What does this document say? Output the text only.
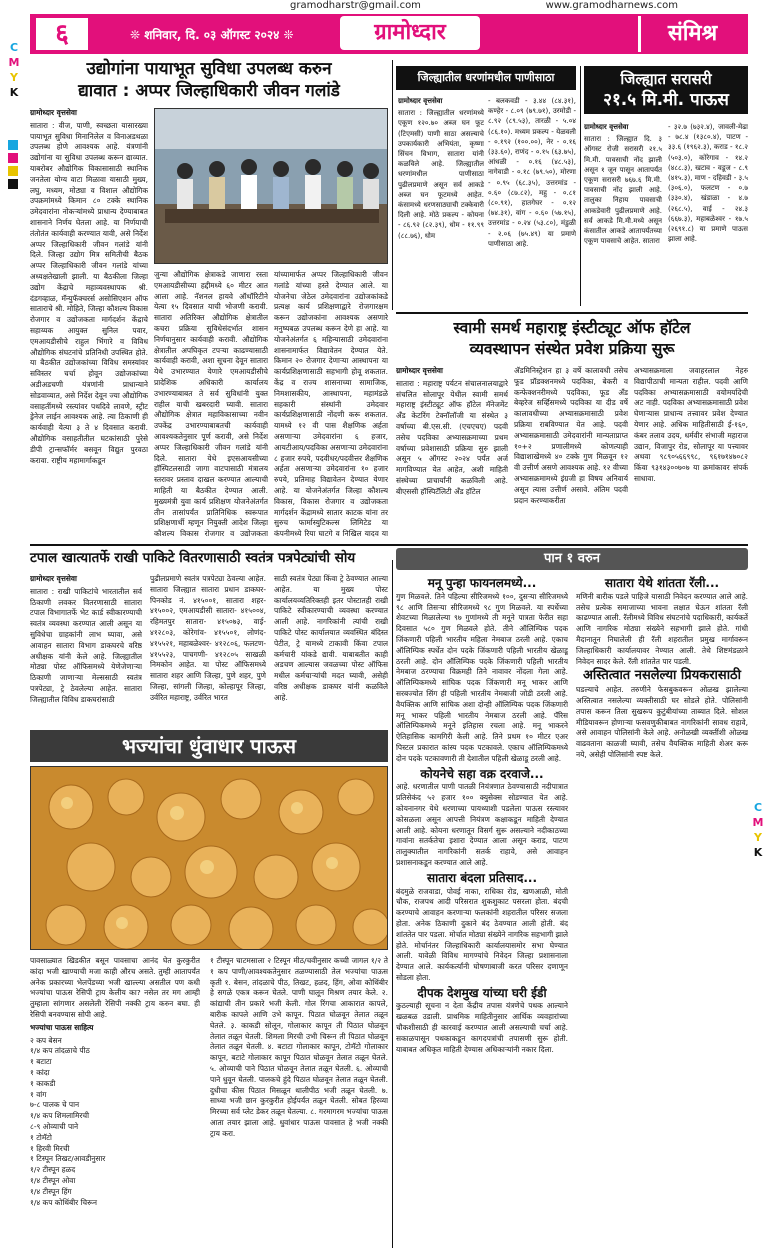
C
M
Y
K
C
M
Y
K
gramodharstr@gmail.com	www.gramodharnews.com
६	❊ शनिवार, दि. ०३ ऑगस्ट २०२४ ❊	ग्रामोध्दार	संमिश्र
उद्योगांना पायाभूत सुविधा उपलब्ध करुन
द्यावात : अप्पर जिल्हाधिकारी जीवन गलांडे

ग्रामोध्दार वृत्तसेवा

सातारा : वीज, पाणी, स्वच्छता यासारख्या पायाभूत सुविधा मिनानिलेल व विनाअडथळा उपलब्ध होणे आवश्यक आहे. यंत्रणांनी उद्योगांना या सुविधा उपलब्ध करून द्याव्यात. याबरोबर औद्योगिक विकासासाठी स्थानिक जनतेला योग्य वाटा मिळावा यासाठी मुख्य, लघु, मध्यम, मोठ्या व विशाल औद्योगिक उपक्रमांमध्ये किमान ८० टक्के स्थानिक उमेदवारांना नोकऱ्यांमध्ये प्राधान्य देण्याबाबत शासनाने निर्णय घेतला आहे. या निर्णयाची तंतोतंत कार्यवाही करण्यात यावी, असे निर्देश अप्पर जिल्हाधिकारी जीवन गलांडे यांनी दिले. जिल्हा उद्योग मित्र समितीची बैठक अप्पर जिल्हाधिकारी जीवन गलांडे यांच्या अध्यक्षतेखाली झाली. या बैठकीला जिल्हा उद्योग केंद्राचे महाव्यवस्थापक श्री. दंडगव्हाळ, मॅन्युफॅक्चरर्स असोसिएशन ऑफ साताराचे श्री. मोहिते, जिल्हा कौशल्य विकास रोजगार व उद्योजकता मार्गदर्शन केंद्राचे सहाय्यक आयुक्त सुनिल पवार, एमआयडीसीचे राहुल भिंगारे व विविध औद्योगिक संघटनांचे प्रतिनिधी उपस्थित होते. या बैठकीत उद्योजकांच्या विविध समस्यांवर सविस्तर चर्चा होवून उद्योजकांच्या अडीअडचणी यंत्रणांनी प्राधान्याने सोडवाव्यात, असे निर्देश देवून ज्या औद्योगिक वसाहतींमध्ये रस्त्यांवर पथदिवे लावणे, स्ट्रीट ड्रेनेज लाईन आवश्यक आहे. त्या ठिकाणी ही कार्यवाही येत्या ३ ते ४ दिवसात करावी. औद्योगिक वसाहतीतील घटकांसाठी पुरेसे डीपी ट्रान्सफॉर्मर बसवून विद्युत पुरवठा करावा. राष्ट्रीय महामार्गाकडून

जुन्या औद्योगिक क्षेत्राकडे जाणारा रस्ता एमआयडीसीच्या हद्दीमध्ये ६० मीटर आत आला आहे. नॅशनल हायवे ऑथॉरिटीने येत्या १५ दिवसात याची भोजणी करावी. सातारा अतिरिक्त औद्योगिक क्षेत्रातील कचरा प्रक्रिया सुविधेसंदर्भात शासन निर्णयानुसार कार्यवाही करावी. औद्योगिक क्षेत्रातील अपघिकृत टपऱ्या काढण्यासाठी कार्यवाही करावी, अशा सूचना देवून सातारा येथे उभारण्यात येणारे एमआयडीसीचे प्रादेशिक अधिकारी कार्यालय उभारण्याबाबत ते सर्व सुविधांनी युक्त राहील याची खबरदारी घ्यावी. सातारा औद्योगिक क्षेत्रात महाविकासाच्या नवीन उपकेंद्र उभारण्याबाबतची कार्यवाही आवश्यकतेनुसार पूर्ण करावी, असे निर्देश अप्पर जिल्हाधिकारी जीवन गलांडे यांनी दिले. सातारा येथे इएसआयसीच्या हॉस्पिटलसाठी जागा वाटपासाठी मंत्रालय स्तरावर प्रस्ताव दाखल करण्यात आल्याची माहिती या बैठकीत देण्यात आली. मुख्यमंत्री युवा कार्य प्रशिक्षण योजनेअंतर्गत तीन तासांपर्यंत प्रातिनिधिक स्वरूपात प्रशिक्षणार्थी म्हणून नियुक्ती आदेश जिल्हा कौशल्य विकास रोजगार व उद्योजकता

यांच्यामार्फत अप्पर जिल्हाधिकारी जीवन गलांडे यांच्या हस्ते देण्यात आले. या योजनेचा जेठेल उमेदवारांना उद्योजकांकडे प्रत्यक्ष कार्य प्रशिक्षणाद्वारे रोजगारक्षम करून उद्योजकांना आवश्यक असणारे मनुष्यबळ उपलब्ध करून देणे हा आहे. या योजनेअंतर्गत ६ महिन्यासाठी उमेदवारांना शासनामार्फत विद्यावेतन देण्यात येते. किमान २० रोजगार देणाऱ्या आस्थापना या कार्यप्रशिक्षणासाठी सहभागी होवू शकतात. केंद्र व राज्य शासनाच्या सामाजिक, निमशासकीय, आस्थापना, महामंडळे सहकारी संस्थांनी उमेदवार कार्यप्रशिक्षणासाठी नोंदणी करू शकतात. यामध्ये १२ वी पास शैक्षणिक अर्हता असणाऱ्या उमेदवारांना ६ हजार, आयटीआय/पदविका असणाऱ्या उमेदवारांना ८ हजार रुपये, पदवीधर/पदवीत्तर शैक्षणिक अर्हता असणाऱ्या उमेदवारांना १० हजार रुपये, प्रतिमाह विद्यावेतन देण्यात येणार आहे. या योजनेअंतर्गत जिल्हा कौशल्य विकास, विकास रोजगार व उद्योजकता मार्गदर्शन केंद्रामध्ये सातार काटक यांना तर सुरुच फार्मास्युटिकल्स लिमिटेड या कंपनीमध्ये रिया घाटगे व निखिल यादव या

जिल्ह्यातील धरणांमधील पाणीसाठा

ग्रामोध्दार वृत्तसेवा

सातारा : जिल्ह्यातील धरणांमध्ये एकूण १२०.७० अब्ज घन फूट (टिएमसी) पाणी साठा असल्याचे उपकार्यकारी अभियंता, कृष्णा सिंचन विभाग, सातारा यांनी कळविले आहे. जिल्ह्यातील धरणांमधील पाणीसाठा पुढीलप्रमाणे असून सर्व आकडे अब्ज घन फूटमध्ये आहेत. कंसामध्ये धरणसाठ्याची टक्केवारी दिली आहे. मोठे प्रकल्प - कोयना - ८६.९२ (८२.३९), धोम - ११.९९ (८८.७६), धोम

- बलकवडी - ३.४४ (८४.३१), कण्हेर - ८.०९ (७९.७१), उरमोडी - ८.९२ (८९.५३), तारळी - ५.०४ (८६.१०). मध्यम प्रकल्प - येळवली - ०.१९२ (१००.००), नेर - ०.१६ (३३.६०), राणंद - ०.१५ (६३.७५), आंधळी - ०.१६ (४८.५३), नागेवाडी - ०.१८ (७९.५०), मोरणा - ०.९५ (६८.३५), उत्तरमांड - ०.६० (८७.८२), महु - ०.८१ (८०.९१), हातगेघर - ०.१२ (७४.३१), वांग - ०.६० (५७.१५), उत्तरमांड - ०.२४ (५३.८०), मंडुळी - २.०६ (७५.४९) या प्रमाणे पाणीसाठा आहे.

जिल्ह्यात सरासरी
२१.५ मि.मी. पाऊस

ग्रामोध्दार वृत्तसेवा

सातारा : जिल्ह्यात दि. ३ ऑगस्ट रोजी सरासरी २१.५ मि.मी. पावसाची नोंद झाली असून १ जून पासून आतापर्यंत एकूण सरासरी ७६७.६ मि.मी. पावसाची नोंद झाली आहे. तालुका निहाय पावसाची आकडेवारी पुढीलप्रमाणे आहे. सर्व आकडे मि.मी.मध्ये असून कंसातील आकडे आतापर्यंतच्या एकूण पावसाचे आहेत. सातारा

- ३२.७ (७३२.४), जावली-मेढा - ७८.४ (१३८०.४), पाटण - ३३.६ (१९६२.३), कराड - १८.२ (५०३.०), कोरेगाव - १४.२ (४८८.३), खटाव - वडूज - ८.९ (४१५.३), माण - दहिवडी - ३.५ (३०६.०), फलटण - ०.७ (३३०.४), खंडाळा - ४.७ (२६८.५), वाई - २४.३ (६६७.३), महाबळेश्वर - १७.५ (२६९१.८) या प्रमाणे पाऊस झाला आहे.

स्वामी समर्थ महाराष्ट्र इंस्टीट्यूट ऑफ हॉटेल
व्यवस्थापन संस्थेत प्रवेश प्रक्रिया सुरू

ग्रामोध्दार वृत्तसेवा

सातारा : महाराष्ट्र पर्यटन संचालनालयाद्वारे संचलित सोलापूर येथील स्वामी समर्थ महाराष्ट्र इंस्टीट्यूट ऑफ हॉटेल मॅनेजमेंट अँड केटरिंग टेक्नॉलॉजी या संस्थेत ३ वर्षाच्या बी.एस.सी. (एचएचए) पदवी तसेच पदविका अभ्यासक्रमाच्या प्रथम वर्षाच्या प्रवेशासाठी प्रक्रिया सुरु झाली असून ५ ऑगस्ट २०२४ पर्यंत अर्ज मागविण्यात येत आहेत, अशी माहिती संस्थेच्या प्राचार्यांनी कळविली आहे. बीएससी हॉस्पिटॅलिटी अँड हॉटेल

ॲडमिनिस्ट्रेशन हा ३ वर्षे कालावधी तसेच फूड प्रॉडक्शनमध्ये पदविका, बेकरी व कन्फेक्शनरीमध्ये पदविका, फूड अँड बेव्हरेज सर्व्हिसमध्ये पदविका या दीड वर्षे कालावधीच्या अभ्यासक्रमासाठी प्रवेश प्रक्रिया राबविण्यात येत आहे. पदवी अभ्यासक्रमासाठी उमेदवारांनी मान्यताप्राप्त १०+२ प्रणालीमध्ये कोणत्याही विद्याशाखेमध्ये ४० टक्के गुण मिळवून १२ वी उत्तीर्ण असणे आवश्यक आहे. १२ वीच्या अभ्यासक्रमामध्ये इंग्रजी हा विषय अनिवार्य असून त्यास उत्तीर्ण असावे. अंतिम पदवी प्रदान करण्याकरीता

अभ्यासक्रमाला जवाहरलाल नेहरु विद्यापीठाची मान्यता राहील. पदवी आणि पदविका अभ्यासक्रमासाठी वयोमर्यादेची अट नाही. पदविका अभ्यासक्रमासाठी प्रवेश घेणाऱ्यास प्राधान्य तत्त्वावर प्रवेश देण्यात येणार आहे. अधिक माहितीसाठी ई-१६०, कंबर तलाव उदय, धर्मवीर संभाजी महाराज उद्यान, विजापुर रोड, सोलापूर या पत्त्यावर अथवा ९८९०५६६९९८, ९६१७१४७०८२ किंवा ९३१४३००७०७ या क्रमांकावर संपर्क साधावा.

टपाल खात्यातर्फे राखी पाकिटे वितरणासाठी स्वतंत्र पत्रपेट्यांची सोय

ग्रामोध्दार वृत्तसेवा

सातारा : राखी पाकिटांचे भारतातील सर्व ठिकाणी लवकर वितरणासाठी सातारा टपाल विभागातर्फे भेट कार्ड स्वीकारण्याची स्वतंत्र व्यवस्था करण्यात आली असून या सुविधेचा ग्राहकांनी लाभ घ्यावा, असे आवाहन सातारा विभाग डाकघरचे वरिष्ठ अधीक्षक यांनी केले आहे. जिल्ह्यातील मोठ्या पोस्ट ऑफिसमध्ये येणेजेणाऱ्या ठिकाणी जाणाऱ्या मेल्ससाठी स्वतंत्र पत्रपेट्या, ट्रे ठेवलेल्या आहेत. सातारा जिल्ह्यातील विविध डाकघरांसाठी

पुढीलप्रमाणे स्वतंत्र पत्रपेट्या ठेवल्या आहेत. सातारा जिल्ह्यात सातारा प्रधान डाकघर- पिनकोड नं. ४१५००१, सातारा शहर- ४१५००२, एमआयडीसी सातारा- ४१५००४, रहिमतपुर सातारा- ४१५०७३, वाई- ४१२८०३, कोरेगांव- ४१५५०१, लोणंद- ४१५५२१, महाबळेश्वर- ४१२८०६, फलटण- ४१५५२३, पाचगणी- ४१२८०५ साखळी निमकोन आहेत. या पोस्ट ऑफिसमध्ये सातारा शहर आणि जिल्हा, पुणे शहर, पुणे जिल्हा, सांगली जिल्हा, कोल्हापूर जिल्हा, उर्वरित महाराष्ट्र, उर्वरित भारत

साठी स्वतंत्र पेट्या किंवा ट्रे ठेवण्यात आल्या आहेत. या मुख्य पोस्ट कार्यालयव्यतिरिक्तही इतर पोस्टातही राखी पाकिटे स्वीकारण्याची व्यवस्था करण्यात आली आहे. नागरिकांनी त्यांची राखी पाकिटे पोस्ट कार्यालयात व्यवस्थित बंदिस्त पेटीत, ट्रे यामध्ये टाकावी किंवा टपाल कर्मचारी यांकडे द्यावी. याबाबतीत काही अडचण आल्यास जवळच्या पोस्ट ऑफिस मधील कर्मचाऱ्यांची मदत घ्यावी, असेही वरिष्ठ अधीक्षक डाकघर यांनी कळविले आहे.

भज्यांचा धुंवाधार पाऊस

पावसाळ्यात खिडकीत बसून पावसाचा आनंद घेत कुरकुरीत कांदा भजी खाण्याची मजा काही औरच असते. तुम्ही आतापर्यंत अनेक प्रकारच्या भेलपेंडच्या भजी खाल्ल्या असतील पण कधी भज्यांचा पाऊस रेसिपी ट्राय केलीय का? नसेल तर मग आम्ही तुम्हाला सांगणार असलेली रेसिपी नक्की ट्राय करुन बघा. ही रेसिपी बनवण्यास सोपी आहे.

भज्यांचा पाऊस साहित्य

२ कप बेसन
१/४ कप तांदळाचे पीठ
१ बटाटा
१ कांदा
१ काकडी
१ वांग
७-८ पालक चे पान
१/४ कप शिमलामिरची
८-९ ओव्याची पाने
१ टोमॅटो
१ हिरवी मिरची
१ टिस्पून तिखट/आवडीनुसार
१/२ टीस्पून हळद
१/४ टीस्पून ओवा
१/४ टीस्पून हिंग
१/४ कप कोथिंबीर चिरून

१ टीस्पून चाटमसाला २ टिस्पून मीठ/चवीनुसार कच्ची जागल १/२ ते १ कप पाणी/आवश्यकतेनुसार तळण्यासाठी तेल भज्यांचा पाऊस कृती १. बेसन, तांदळाचे पीठ, तिखट, हळद, हिंग, ओवा कोथिंबीर हे सगळे एकत्र करून घेतले. पाणी घालून मिश्रण तयार केले. २. कांद्याची तीन प्रकारे भजी केली. गोल रिंगचा आकारात कापले, बारीक कापले आणि उभे कापून. पिठात घोळवून तेलात तळून घेतले. ३. काकडी सोलून, गोलाकार कापून ती पिठात घोळवून तेलात तळून घेतली. शिमला मिरची उभी चिरून ती पिठात घोळवून तेलात तळून घेतली. ४. बटाटा गोलाकार कापून, टोमॅटो गोलाकार कापून, बटाटे गोलाकार कापून पिठात घोळवून तेलात तळून घेतले. ५. ओव्याची पाने पिठात घोळवून तेलात तळून घेतली. ६. ओव्याची पाने धुवून घेतली. पालकचे हुंदे पिठात घोळवून तेलात तळून घेतली. दुधीचा कीस पिठात मिसळून थालीपीठ भजी तळून घेतली. ७. साध्या भजी छान कुरकुरीत होईपर्यंत तळून घेतली. सोबत हिरव्या मिरच्या सर्व प्लेट डेकर तळून घेतल्या. ८. गरमागरम भज्यांचा पाऊस आता तयार झाला आहे. धुवांधार पाऊस पावसात हे भजी नक्की ट्राय करा.

पान १ वरुन
मनू पुन्हा फायनलमध्ये...

गुण मिळवले. तिने पहिल्या सीरिजमध्ये १००, दुसऱ्या सीरिजमध्ये ९८ आणि तिसऱ्या सीरिजमध्ये ९८ गुण मिळवले. या स्पर्धेच्या शेवटच्या मिळालेल्या ९७ गुणांमध्ये ती मनूने पात्रता फेरीत सहा दिवसात ५८० गुण मिळवले होते. तीने ऑलिम्पिक पदक जिंकणारी पहिली भारतीय महिला नेमबाज ठरली आहे. एकाच ऑलिम्पिक स्पर्धेत दोन पदके जिंकणारी पहिली भारतीय खेळाडू ठरली आहे. दोन ऑलिम्पिक पदके जिंकणारी पहिली भारतीय नेमबाज ठरण्याचा विक्रमही तिने नावावर नोंदला गेला आहे. ऑलिम्पिकमध्ये सांघिक पदक जिंकणारी मनू भाकर आणि सरबज्योत सिंग ही पहिली भारतीय नेमबाजी जोडी ठरली आहे. वैयक्तिक आणि सांघिक अशा दोन्ही ऑलिम्पिक पदक जिंकणारी मनू भाकर पहिली भारतीय नेमबाज ठरली आहे. पॅरिस ऑलिम्पिकमध्ये मनूने इतिहास रचला आहे. मनू भाकरने ऐतिहासिक कामगिरी केली आहे. तिने प्रथम १० मीटर एअर पिस्टल प्रकारात कांस्य पदक पटकावले. एकाच ऑलिम्पिकमध्ये दोन पदके पटकावणारी ती देशातील पहिली खेळाडू ठरली आहे.

कोयनेचे सहा वक्र दरवाजे...

आहे. धरणातील पाणी पातळी नियंत्रणात ठेवण्यासाठी नदीपात्रात प्रतिसेकंद ५२ हजार १०० क्युसेक्स सोडण्यात येत आहे. कोयनानगर येथे धरणाच्या पायथ्याशी पडलेला पाऊस रस्त्यावर कोसळला असून आपत्ती नियंत्रण कक्षाकडून माहिती देण्यात आली आहे. कोयना धरणातून विसर्ग सुरू असल्याने नदीकाठच्या गावांना सतर्कतेचा इशारा देण्यात आला असून कराड, पाटण तालुक्यातील नागरिकांनी सतर्क राहावे, असे आवाहन प्रशासनाकडून करण्यात आले आहे.

सातारा बंदला प्रतिसाद...

बंदमुळे राजवाडा, पोवई नाका, राधिका रोड, खणआळी, मोती चौक, राजपथ आदी परिसरात शुकशुकाट पसरला होता. बंदची करण्याचे आवाहन करणाऱ्या फलकांनी शहरातील परिसर सजला होता. अनेक ठिकाणी दुकाने बंद ठेवण्यात आली होती. बंद शांततेत पार पडला. मोर्चात मोठ्या संख्येने नागरिक सहभागी झाले होते. मोर्चानंतर जिल्हाधिकारी कार्यालयासमोर सभा घेण्यात आली. यावेळी विविध मागण्यांचे निवेदन जिल्हा प्रशासनाला देण्यात आले. कार्यकर्त्यांनी घोषणाबाजी करत परिसर दणाणून सोडला होता.

दीपक देशमुख यांच्या घरी ईडी

कुठल्याही सूचना न देता केंद्रीय तपास यंत्रणेचे पथक आल्याने खळबळ उडाली. प्राथमिक माहितीनुसार आर्थिक व्यवहारांच्या चौकशीसाठी ही कारवाई करण्यात आली असल्याची चर्चा आहे. सकाळपासून पथकाकडून कागदपत्रांची तपासणी सुरू होती. याबाबत अधिकृत माहिती देण्यास अधिकाऱ्यांनी नकार दिला.

सातारा येथे शांतता रॅली...

मणिनी बारीक पडले पाहिजे यासाठी निवेदन करण्यात आले आहे. तसेच प्रत्येक समाजाच्या भावना लक्षात घेऊन शांतता रॅली काढण्यात आली. रॅलीमध्ये विविध संघटनांचे पदाधिकारी, कार्यकर्ते आणि नागरिक मोठ्या संख्येने सहभागी झाले होते. गांधी मैदानातून निघालेली ही रॅली शहरातील प्रमुख मार्गावरून जिल्हाधिकारी कार्यालयावर नेण्यात आली. तेथे शिष्टमंडळाने निवेदन सादर केले. रॅली शांततेत पार पडली.

अस्तित्वात नसलेल्या प्रियकरासाठी

घडल्याचे आहेत. तरुणीने फेसबुकवरून ओळख झालेल्या अस्तित्वात नसलेल्या व्यक्तीसाठी घर सोडले होते. पोलिसांनी तपास करून तिला सुखरूप कुटुंबीयांच्या ताब्यात दिले. सोशल मीडियावरून होणाऱ्या फसवणुकीबाबत नागरिकांनी सावध राहावे, असे आवाहन पोलिसांनी केले आहे. अनोळखी व्यक्तींशी ओळख वाढवताना काळजी घ्यावी, तसेच वैयक्तिक माहिती शेअर करू नये, असेही पोलिसांनी स्पष्ट केले.
